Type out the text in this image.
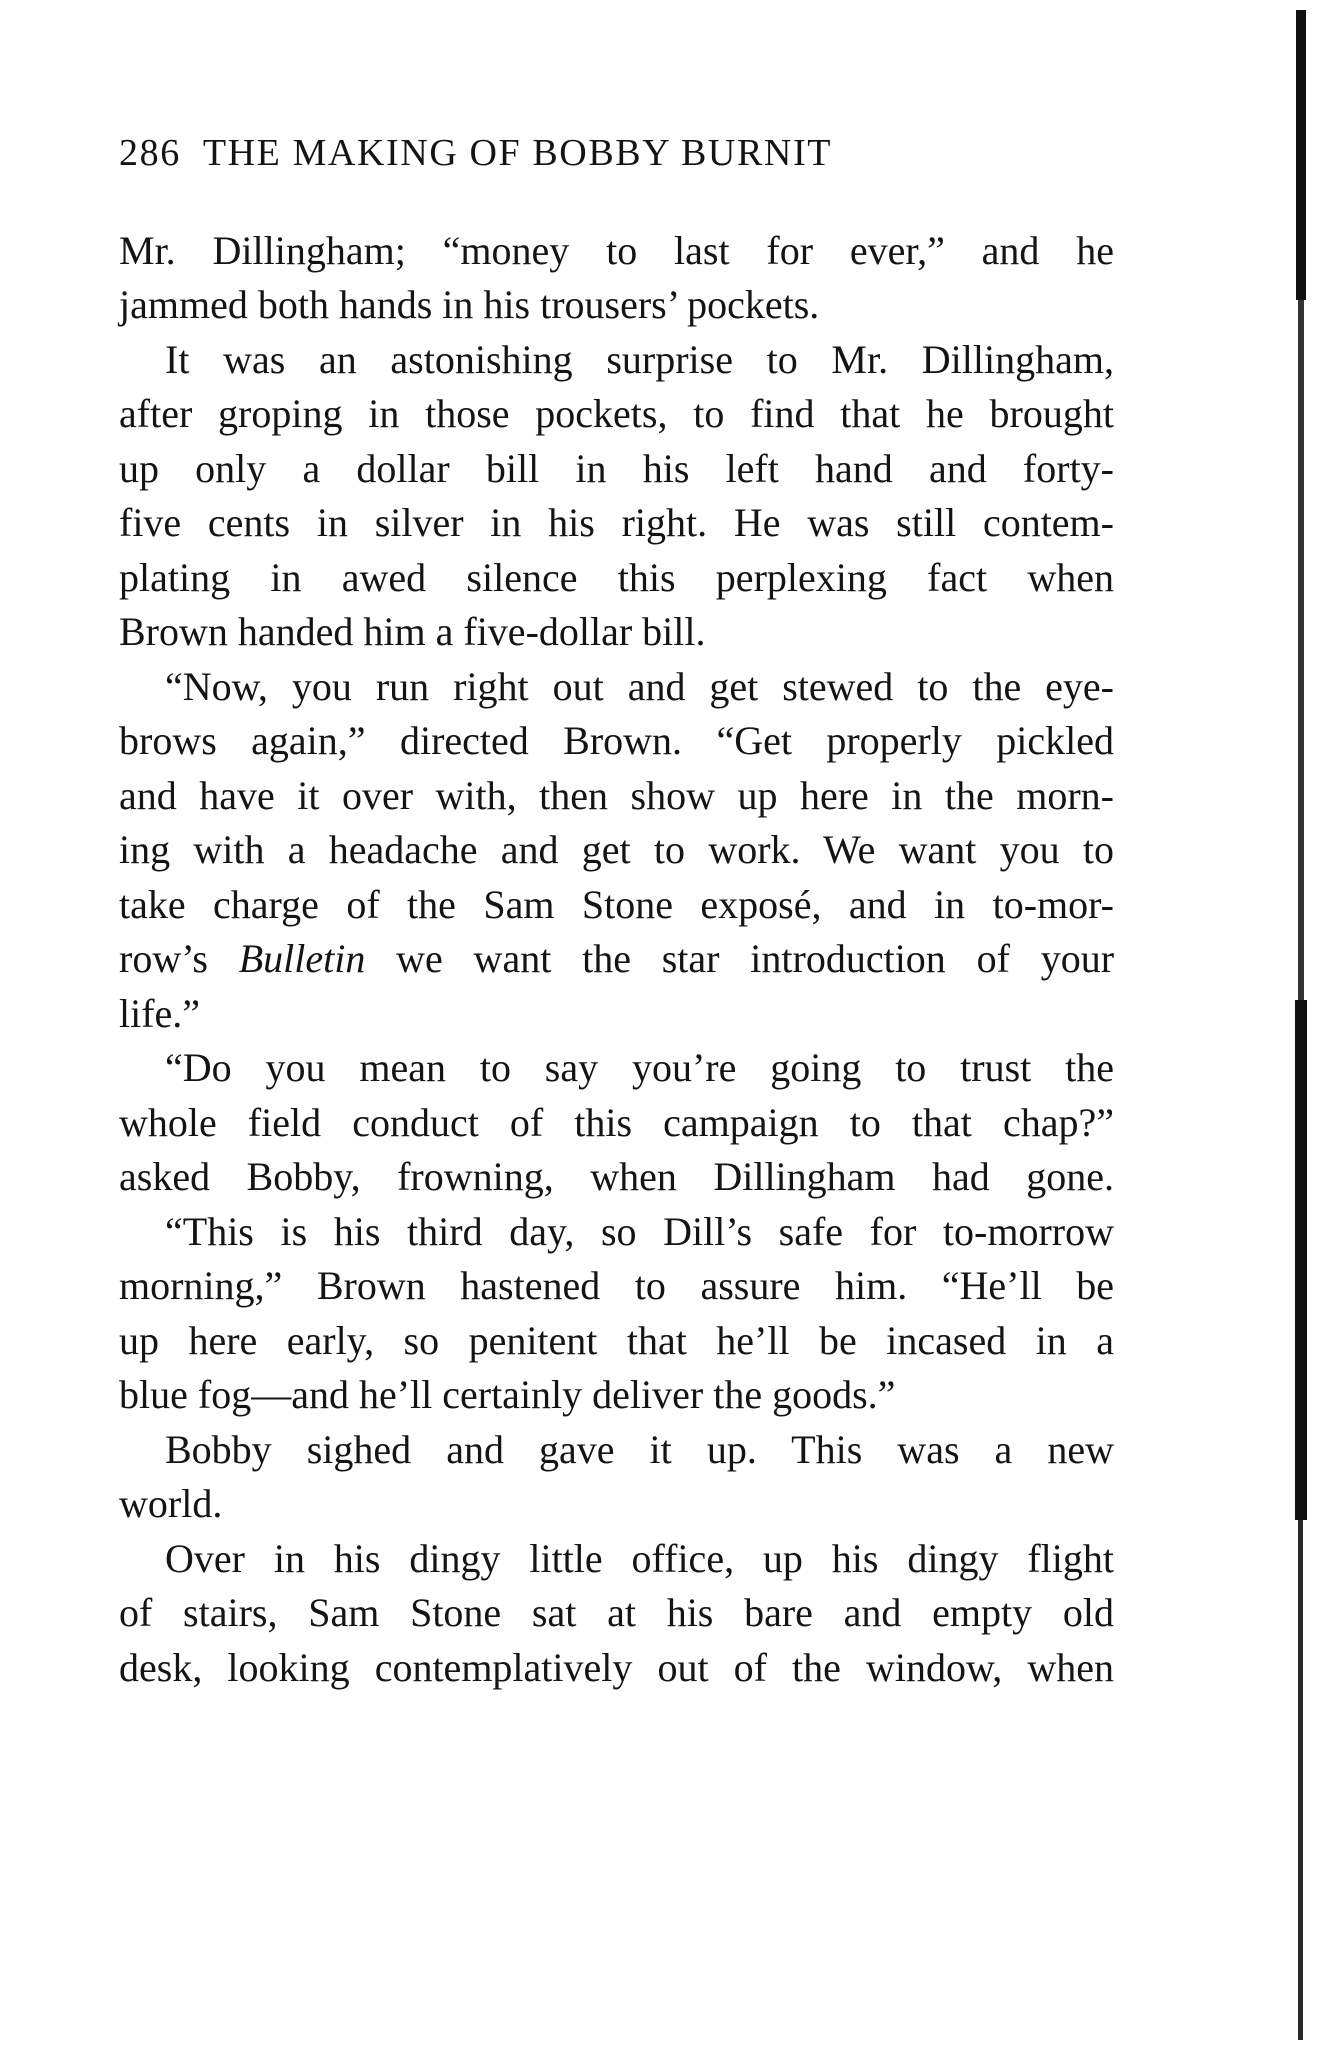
286 THE MAKING OF BOBBY BURNIT
Mr. Dillingham; “money to last for ever,” and he
jammed both hands in his trousers’ pockets.
It was an astonishing surprise to Mr. Dillingham,
after groping in those pockets, to find that he brought
up only a dollar bill in his left hand and forty-
five cents in silver in his right. He was still contem-
plating in awed silence this perplexing fact when
Brown handed him a five-dollar bill.
“Now, you run right out and get stewed to the eye-
brows again,” directed Brown. “Get properly pickled
and have it over with, then show up here in the morn-
ing with a headache and get to work. We want you to
take charge of the Sam Stone exposé, and in to-mor-
row’s Bulletin we want the star introduction of your
life.”
“Do you mean to say you’re going to trust the
whole field conduct of this campaign to that chap?”
asked Bobby, frowning, when Dillingham had gone.
“This is his third day, so Dill’s safe for to-morrow
morning,” Brown hastened to assure him. “He’ll be
up here early, so penitent that he’ll be incased in a
blue fog—and he’ll certainly deliver the goods.”
Bobby sighed and gave it up. This was a new
world.
Over in his dingy little office, up his dingy flight
of stairs, Sam Stone sat at his bare and empty old
desk, looking contemplatively out of the window, when
